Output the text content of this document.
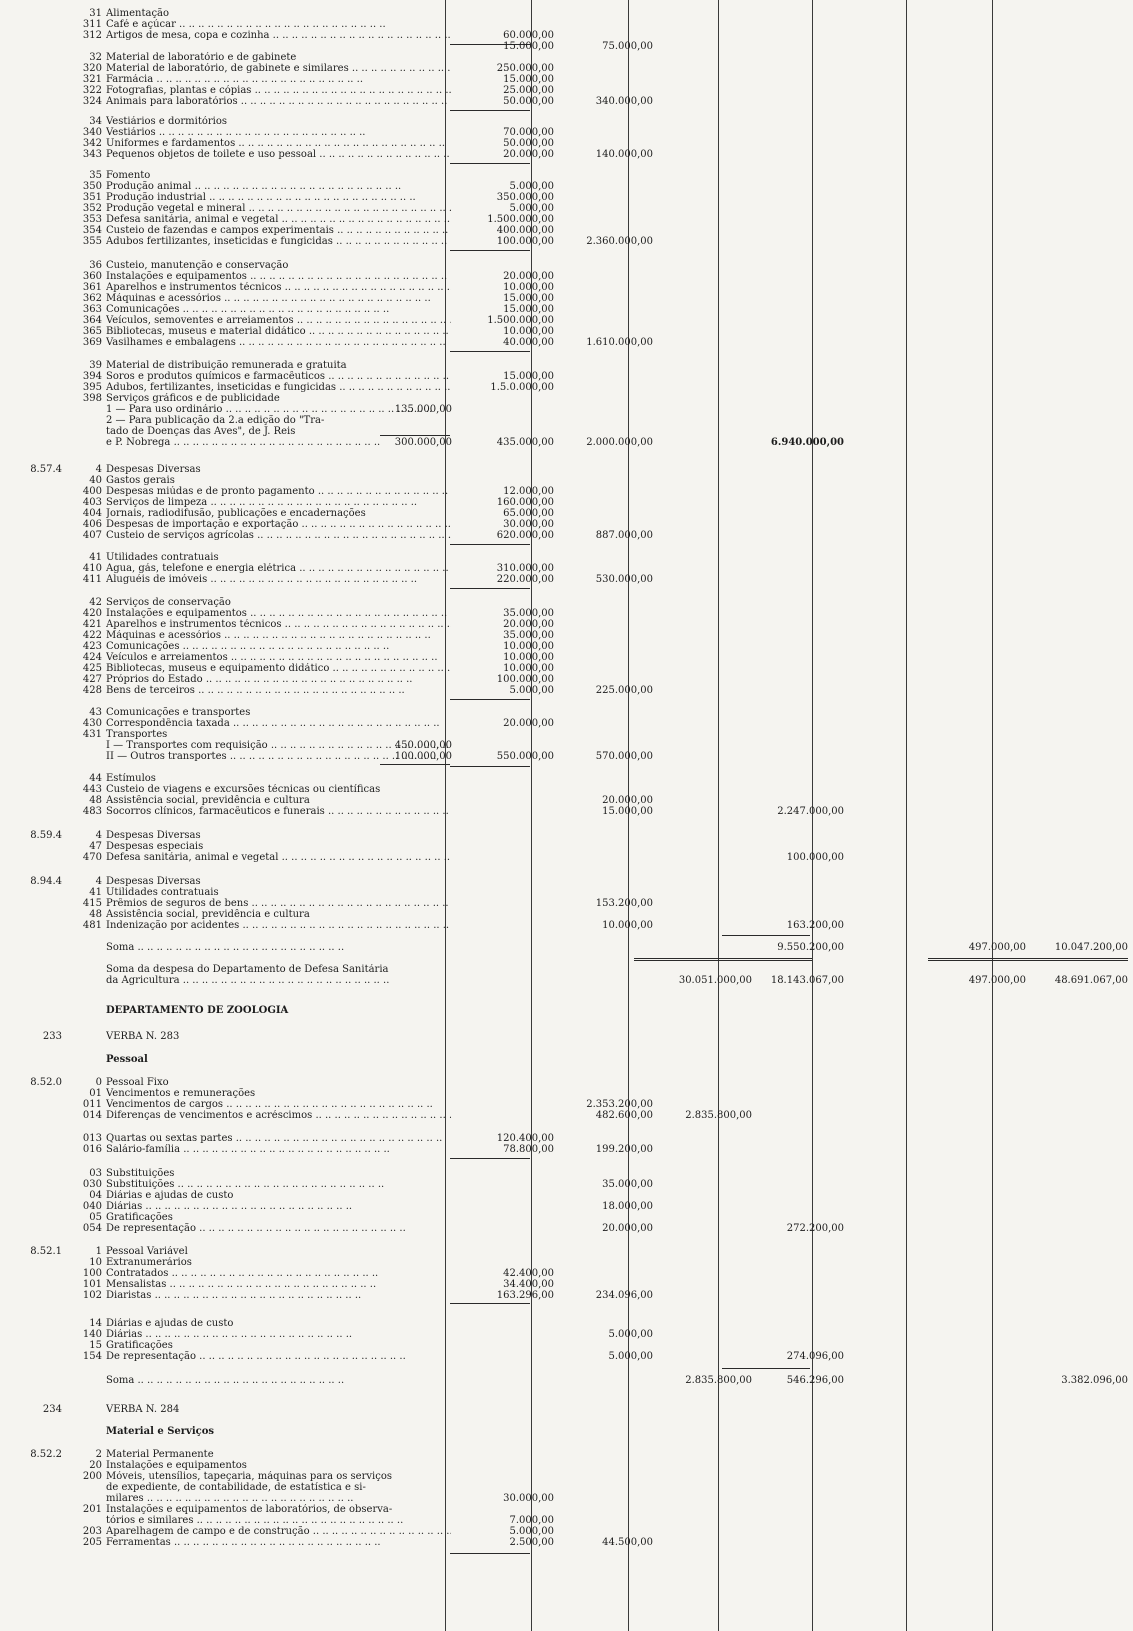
31 Alimentação
311 Café e açúcar .. ..
312 Artigos de mesa, copa e cozinha .. ..	60.000,00
15.000,00	75.000,00
32 Material de laboratório e de gabinete
320 Material de laboratório, de gabinete e similares .. ..	250.000,00
321 Farmácia .. ..	15.000,00
322 Fotografias, plantas e cópias .. ..	25.000,00
324 Animais para laboratórios .. ..	50.000,00	340.000,00
34 Vestiários e dormitórios
340 Vestiários .. ..	70.000,00
342 Uniformes e fardamentos .. ..	50.000,00
343 Pequenos objetos de toilete e uso pessoal .. ..	20.000,00	140.000,00
35 Fomento
350 Produção animal .. ..	5.000,00
351 Produção industrial .. ..	350.000,00
352 Produção vegetal e mineral .. ..	5.000,00
353 Defesa sanitária, animal e vegetal .. ..	1.500.000,00
354 Custeio de fazendas e campos experimentais .. ..	400.000,00
355 Adubos fertilizantes, inseticidas e fungicidas .. ..	100.000,00	2.360.000,00
36 Custeio, manutenção e conservação
360 Instalações e equipamentos .. ..	20.000,00
361 Aparelhos e instrumentos técnicos .. ..	10.000,00
362 Máquinas e acessórios .. ..	15.000,00
363 Comunicações .. ..	15.000,00
364 Veículos, semoventes e arreiamentos .. ..	1.500.000,00
365 Bibliotecas, museus e material didático .. ..	10.000,00
369 Vasilhames e embalagens .. ..	40.000,00	1.610.000,00
39 Material de distribuição remunerada e gratuita
394 Soros e produtos químicos e farmacêuticos .. ..	15.000,00
395 Adubos, fertilizantes, inseticidas e fungicidas .. ..	1.5.0.000,00
398 Serviços gráficos e de publicidade
1 — Para uso ordinário .. ..	135.000,00
2 — Para publicação da 2.a edição do "Tra-
tado de Doenças das Aves", de J. Reis
e P. Nobrega .. ..	300.000,00	435.000,00	2.000.000,00	6.940.000,00
8.57.4	4 Despesas Diversas
40 Gastos gerais
400 Despesas miúdas e de pronto pagamento .. ..	12.000,00
403 Serviços de limpeza .. ..	160.000,00
404 Jornais, radiodifusão, publicações e encadernações	65.000,00
406 Despesas de importação e exportação .. ..	30.000,00
407 Custeio de serviços agrícolas .. ..	620.000,00	887.000,00
41 Utilidades contratuais
410 Água, gás, telefone e energia elétrica .. ..	310.000,00
411 Aluguéis de imóveis .. ..	220.000,00	530.000,00
42 Serviços de conservação
420 Instalações e equipamentos .. ..	35.000,00
421 Aparelhos e instrumentos técnicos .. ..	20.000,00
422 Máquinas e acessórios .. ..	35.000,00
423 Comunicações .. ..	10.000,00
424 Veículos e arreiamentos .. ..	10.000,00
425 Bibliotecas, museus e equipamento didático .. ..	10.000,00
427 Próprios do Estado .. ..	100.000,00
428 Bens de terceiros .. ..	5.000,00	225.000,00
43 Comunicações e transportes
430 Correspondência taxada .. ..	20.000,00
431 Transportes
I — Transportes com requisição .. ..	450.000,00
II — Outros transportes .. ..	100.000,00	550.000,00	570.000,00
44 Estímulos
443 Custeio de viagens e excursões técnicas ou científicas
48 Assistência social, previdência e cultura	20.000,00
483 Socorros clínicos, farmacêuticos e funerais .. ..	15.000,00	2.247.000,00
8.59.4	4 Despesas Diversas
47 Despesas especiais
470 Defesa sanitária, animal e vegetal .. ..	100.000,00
8.94.4	4 Despesas Diversas
41 Utilidades contratuais
415 Prêmios de seguros de bens .. ..	153.200,00
48 Assistência social, previdência e cultura
481 Indenização por acidentes .. ..	10.000,00	163.200,00
Soma .. ..	9.550.200,00	497.000,00	10.047.200,00
Soma da despesa do Departamento de Defesa Sanitária
da Agricultura .. ..	30.051.000,00	18.143.067,00	497.000,00	48.691.067,00
DEPARTAMENTO DE ZOOLOGIA
233	VERBA N. 283
Pessoal
8.52.0	0 Pessoal Fixo
01 Vencimentos e remunerações
011 Vencimentos de cargos .. ..	2.353.200,00
014 Diferenças de vencimentos e acréscimos .. ..	482.600,00	2.835.800,00
013 Quartas ou sextas partes .. ..	120.400,00
016 Salário-família .. ..	78.800,00	199.200,00
03 Substituições
030 Substituições .. ..	35.000,00
04 Diárias e ajudas de custo
040 Diárias .. ..	18.000,00
05 Gratificações
054 De representação .. ..	20.000,00	272.200,00
8.52.1	1 Pessoal Variável
10 Extranumerários
100 Contratados .. ..	42.400,00
101 Mensalistas .. ..	34.400,00
102 Diaristas .. ..	163.296,00	234.096,00
14 Diárias e ajudas de custo
140 Diárias .. ..	5.000,00
15 Gratificações
154 De representação .. ..	5.000,00	274.096,00
Soma .. ..	2.835.800,00	546.296,00	3.382.096,00
234	VERBA N. 284
Material e Serviços
8.52.2	2 Material Permanente
20 Instalações e equipamentos
200 Móveis, utensílios, tapeçaria, máquinas para os serviços
de expediente, de contabilidade, de estatística e si-
milares .. ..	30.000,00
201 Instalações e equipamentos de laboratórios, de observa-
tórios e similares .. ..	7.000,00
203 Aparelhagem de campo e de construção .. ..	5.000,00
205 Ferramentas .. ..	2.500,00	44.500,00
